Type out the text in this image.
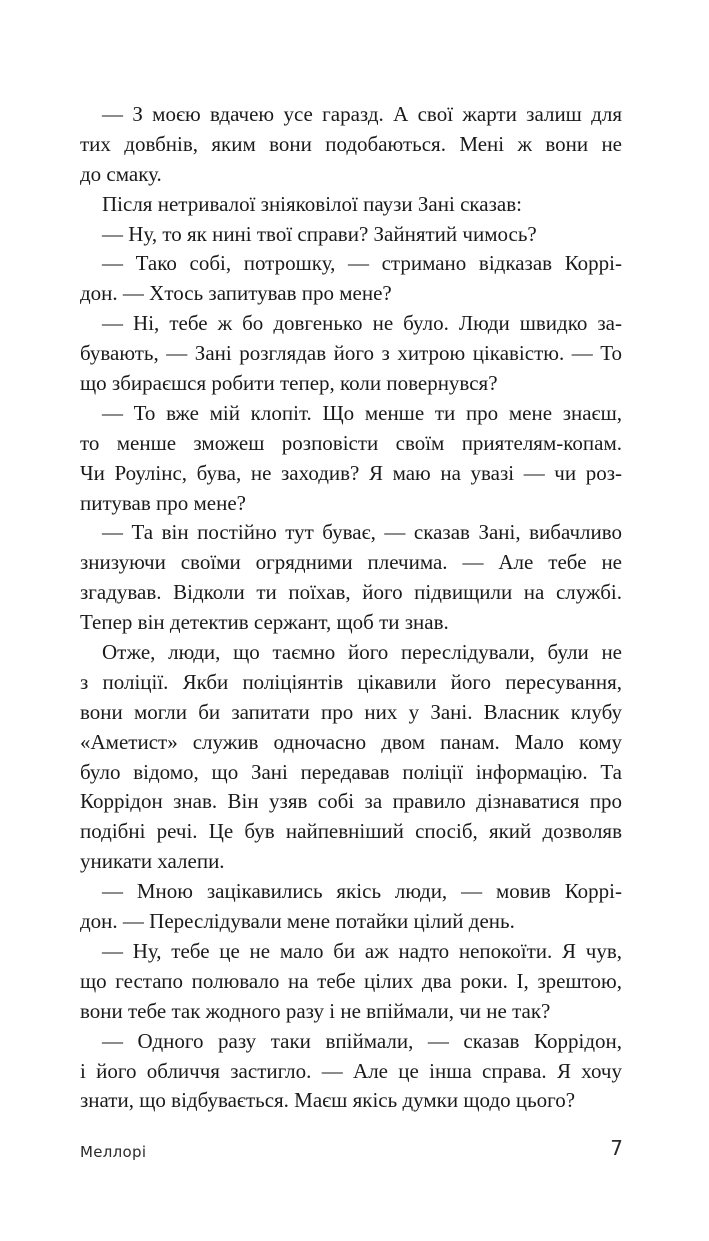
— З моєю вдачею усе гаразд. А свої жарти залиш для
тих довбнів, яким вони подобаються. Мені ж вони не
до смаку.
Після нетривалої зніяковілої паузи Зані сказав:
— Ну, то як нині твої справи? Зайнятий чимось?
— Тако собі, потрошку, — стримано відказав Коррі-
дон. — Хтось запитував про мене?
— Ні, тебе ж бо довгенько не було. Люди швидко за-
бувають, — Зані розглядав його з хитрою цікавістю. — То
що збираєшся робити тепер, коли повернувся?
— То вже мій клопіт. Що менше ти про мене знаєш,
то менше зможеш розповісти своїм приятелям-копам.
Чи Роулінс, бува, не заходив? Я маю на увазі — чи роз-
питував про мене?
— Та він постійно тут буває, — сказав Зані, вибачливо
знизуючи своїми огрядними плечима. — Але тебе не
згадував. Відколи ти поїхав, його підвищили на службі.
Тепер він детектив сержант, щоб ти знав.
Отже, люди, що таємно його переслідували, були не
з поліції. Якби поліціянтів цікавили його пересування,
вони могли би запитати про них у Зані. Власник клубу
«Аметист» служив одночасно двом панам. Мало кому
було відомо, що Зані передавав поліції інформацію. Та
Коррідон знав. Він узяв собі за правило дізнаватися про
подібні речі. Це був найпевніший спосіб, який дозволяв
уникати халепи.
— Мною зацікавились якісь люди, — мовив Коррі-
дон. — Переслідували мене потайки цілий день.
— Ну, тебе це не мало би аж надто непокоїти. Я чув,
що гестапо полювало на тебе цілих два роки. І, зрештою,
вони тебе так жодного разу і не впіймали, чи не так?
— Одного разу таки впіймали, — сказав Коррідон,
і його обличчя застигло. — Але це інша справа. Я хочу
знати, що відбувається. Маєш якісь думки щодо цього?
Меллорі	7
